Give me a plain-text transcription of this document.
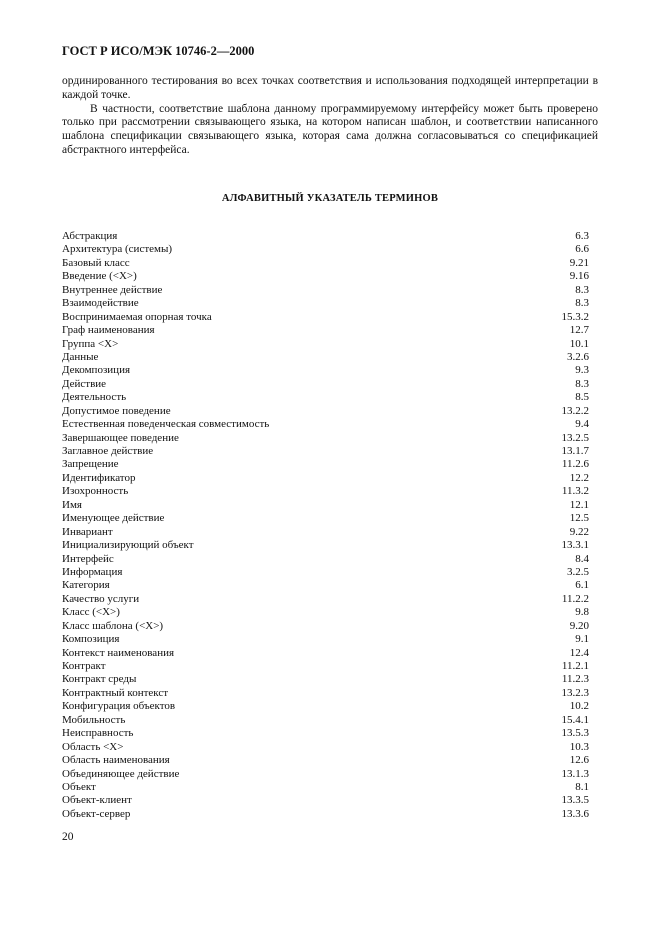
ГОСТ Р ИСО/МЭК 10746-2—2000

ординированного тестирования во всех точках соответствия и использования подходящей интерпретации в каждой точке.

В частности, соответствие шаблона данному программируемому интерфейсу может быть проверено только при рассмотрении связывающего языка, на котором написан шаблон, и соответствии написанного шаблона спецификации связывающего языка, которая сама должна согласовываться со спецификацией абстрактного интерфейса.

АЛФАВИТНЫЙ УКАЗАТЕЛЬ ТЕРМИНОВ
Абстракция	6.3
Архитектура (системы)	6.6
Базовый класс	9.21
Введение (<X>)	9.16
Внутреннее действие	8.3
Взаимодействие	8.3
Воспринимаемая опорная точка	15.3.2
Граф наименования	12.7
Группа <X>	10.1
Данные	3.2.6
Декомпозиция	9.3
Действие	8.3
Деятельность	8.5
Допустимое поведение	13.2.2
Естественная поведенческая совместимость	9.4
Завершающее поведение	13.2.5
Заглавное действие	13.1.7
Запрещение	11.2.6
Идентификатор	12.2
Изохронность	11.3.2
Имя	12.1
Именующее действие	12.5
Инвариант	9.22
Инициализирующий объект	13.3.1
Интерфейс	8.4
Информация	3.2.5
Категория	6.1
Качество услуги	11.2.2
Класс (<X>)	9.8
Класс шаблона (<X>)	9.20
Композиция	9.1
Контекст наименования	12.4
Контракт	11.2.1
Контракт среды	11.2.3
Контрактный контекст	13.2.3
Конфигурация объектов	10.2
Мобильность	15.4.1
Неисправность	13.5.3
Область <X>	10.3
Область наименования	12.6
Объединяющее действие	13.1.3
Объект	8.1
Объект-клиент	13.3.5
Объект-сервер	13.3.6
20
